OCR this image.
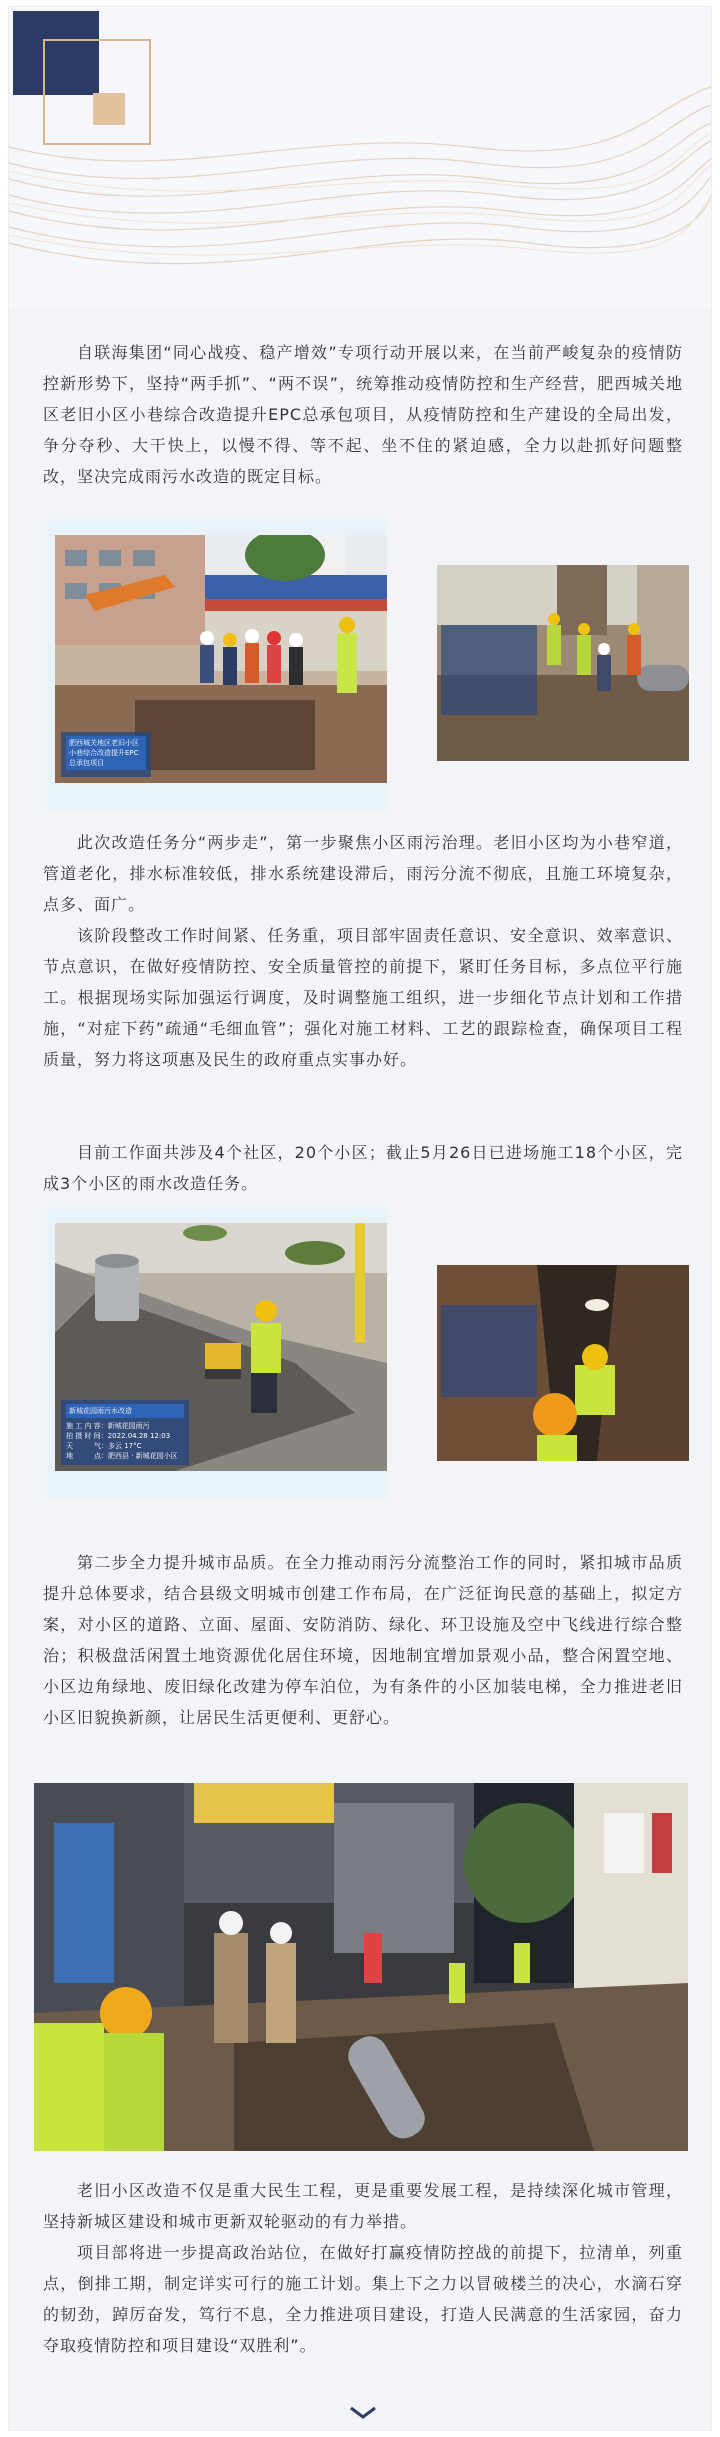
自联海集团“同心战疫、稳产增效”专项行动开展以来，在当前严峻复杂的疫情防控新形势下，坚持“两手抓”、“两不误”，统筹推动疫情防控和生产经营，肥西城关地区老旧小区小巷综合改造提升EPC总承包项目，从疫情防控和生产建设的全局出发，争分夺秒、大干快上，以慢不得、等不起、坐不住的紧迫感，全力以赴抓好问题整改，坚决完成雨污水改造的既定目标。

肥西城关地区老旧小区小巷综合改造提升EPC总承包项目

此次改造任务分“两步走”，第一步聚焦小区雨污治理。老旧小区均为小巷窄道，管道老化，排水标准较低，排水系统建设滞后，雨污分流不彻底，且施工环境复杂，点多、面广。

该阶段整改工作时间紧、任务重，项目部牢固责任意识、安全意识、效率意识、节点意识，在做好疫情防控、安全质量管控的前提下，紧盯任务目标，多点位平行施工。根据现场实际加强运行调度，及时调整施工组织，进一步细化节点计划和工作措施，“对症下药”疏通“毛细血管”；强化对施工材料、工艺的跟踪检查，确保项目工程质量，努力将这项惠及民生的政府重点实事办好。

目前工作面共涉及4个社区，20个小区；截止5月26日已进场施工18个小区，完成3个小区的雨水改造任务。

新城花园雨污水改造
施 工 内 容：新城花园雨污
拍 摄 时 间：2022.04.28 12:03
天　　　气：多云 17°C
地　　　点：肥西县 · 新城花园小区

第二步全力提升城市品质。在全力推动雨污分流整治工作的同时，紧扣城市品质提升总体要求，结合县级文明城市创建工作布局，在广泛征询民意的基础上，拟定方案，对小区的道路、立面、屋面、安防消防、绿化、环卫设施及空中飞线进行综合整治；积极盘活闲置土地资源优化居住环境，因地制宜增加景观小品，整合闲置空地、小区边角绿地、废旧绿化改建为停车泊位，为有条件的小区加装电梯，全力推进老旧小区旧貌换新颜，让居民生活更便利、更舒心。

老旧小区改造不仅是重大民生工程，更是重要发展工程，是持续深化城市管理，坚持新城区建设和城市更新双轮驱动的有力举措。

项目部将进一步提高政治站位，在做好打赢疫情防控战的前提下，拉清单，列重点，倒排工期，制定详实可行的施工计划。集上下之力以冒破楼兰的决心，水滴石穿的韧劲，踔厉奋发，笃行不息，全力推进项目建设，打造人民满意的生活家园，奋力夺取疫情防控和项目建设“双胜利”。
